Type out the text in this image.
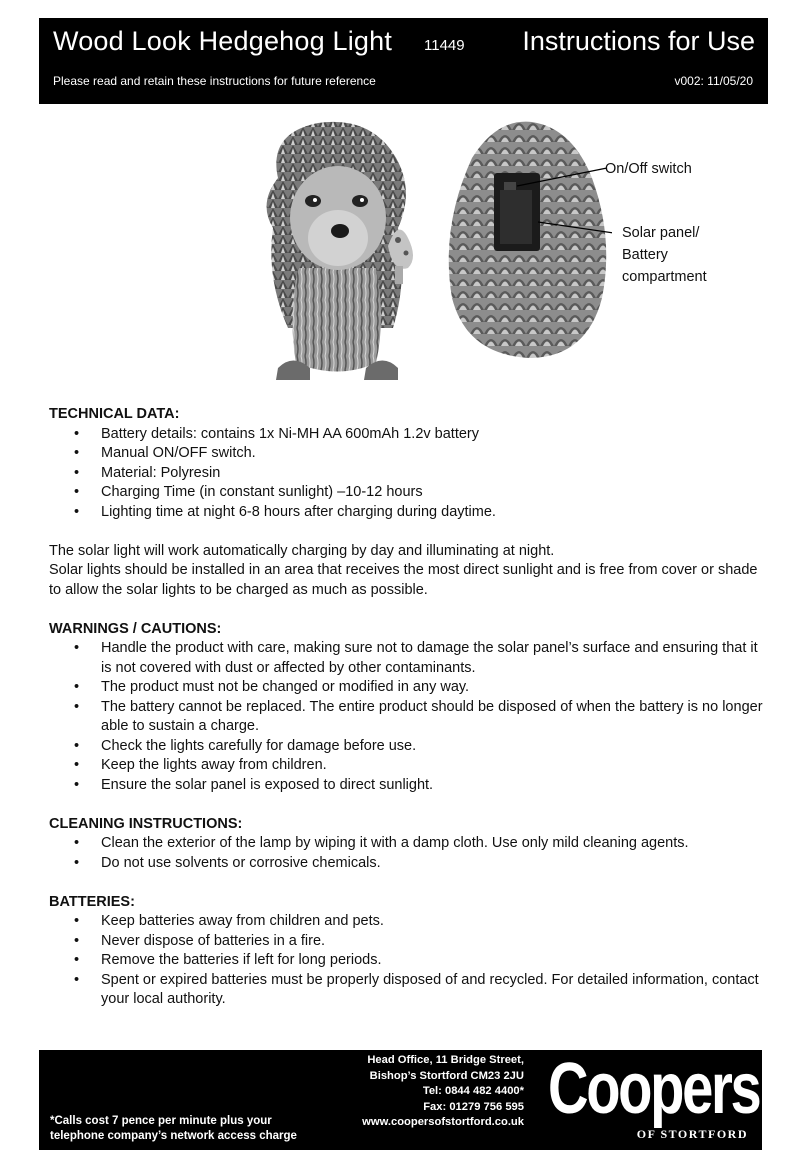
Wood Look Hedgehog Light 11449 Instructions for Use
Please read and retain these instructions for future reference	v002: 11/05/20
On/Off switch
Solar panel/
Battery
compartment

TECHNICAL DATA:

• Battery details: contains 1x Ni-MH AA 600mAh 1.2v battery
• Manual ON/OFF switch.
• Material: Polyresin
• Charging Time (in constant sunlight) –10-12 hours
• Lighting time at night 6-8 hours after charging during daytime.

The solar light will work automatically charging by day and illuminating at night.

Solar lights should be installed in an area that receives the most direct sunlight and is free from cover or shade to allow the solar lights to be charged as much as possible.

WARNINGS / CAUTIONS:

• Handle the product with care, making sure not to damage the solar panel’s surface and ensuring that it is not covered with dust or affected by other contaminants.
• The product must not be changed or modified in any way.
• The battery cannot be replaced. The entire product should be disposed of when the battery is no longer able to sustain a charge.
• Check the lights carefully for damage before use.
• Keep the lights away from children.
• Ensure the solar panel is exposed to direct sunlight.

CLEANING INSTRUCTIONS:

• Clean the exterior of the lamp by wiping it with a damp cloth. Use only mild cleaning agents.
• Do not use solvents or corrosive chemicals.

BATTERIES:

• Keep batteries away from children and pets.
• Never dispose of batteries in a fire.
• Remove the batteries if left for long periods.
• Spent or expired batteries must be properly disposed of and recycled. For detailed information, contact your local authority.
*Calls cost 7 pence per minute plus your
telephone company’s network access charge
Head Office, 11 Bridge Street,
Bishop’s Stortford CM23 2JU
Tel: 0844 482 4400*
Fax: 01279 756 595
www.coopersofstortford.co.uk Coopers
OF STORTFORD
